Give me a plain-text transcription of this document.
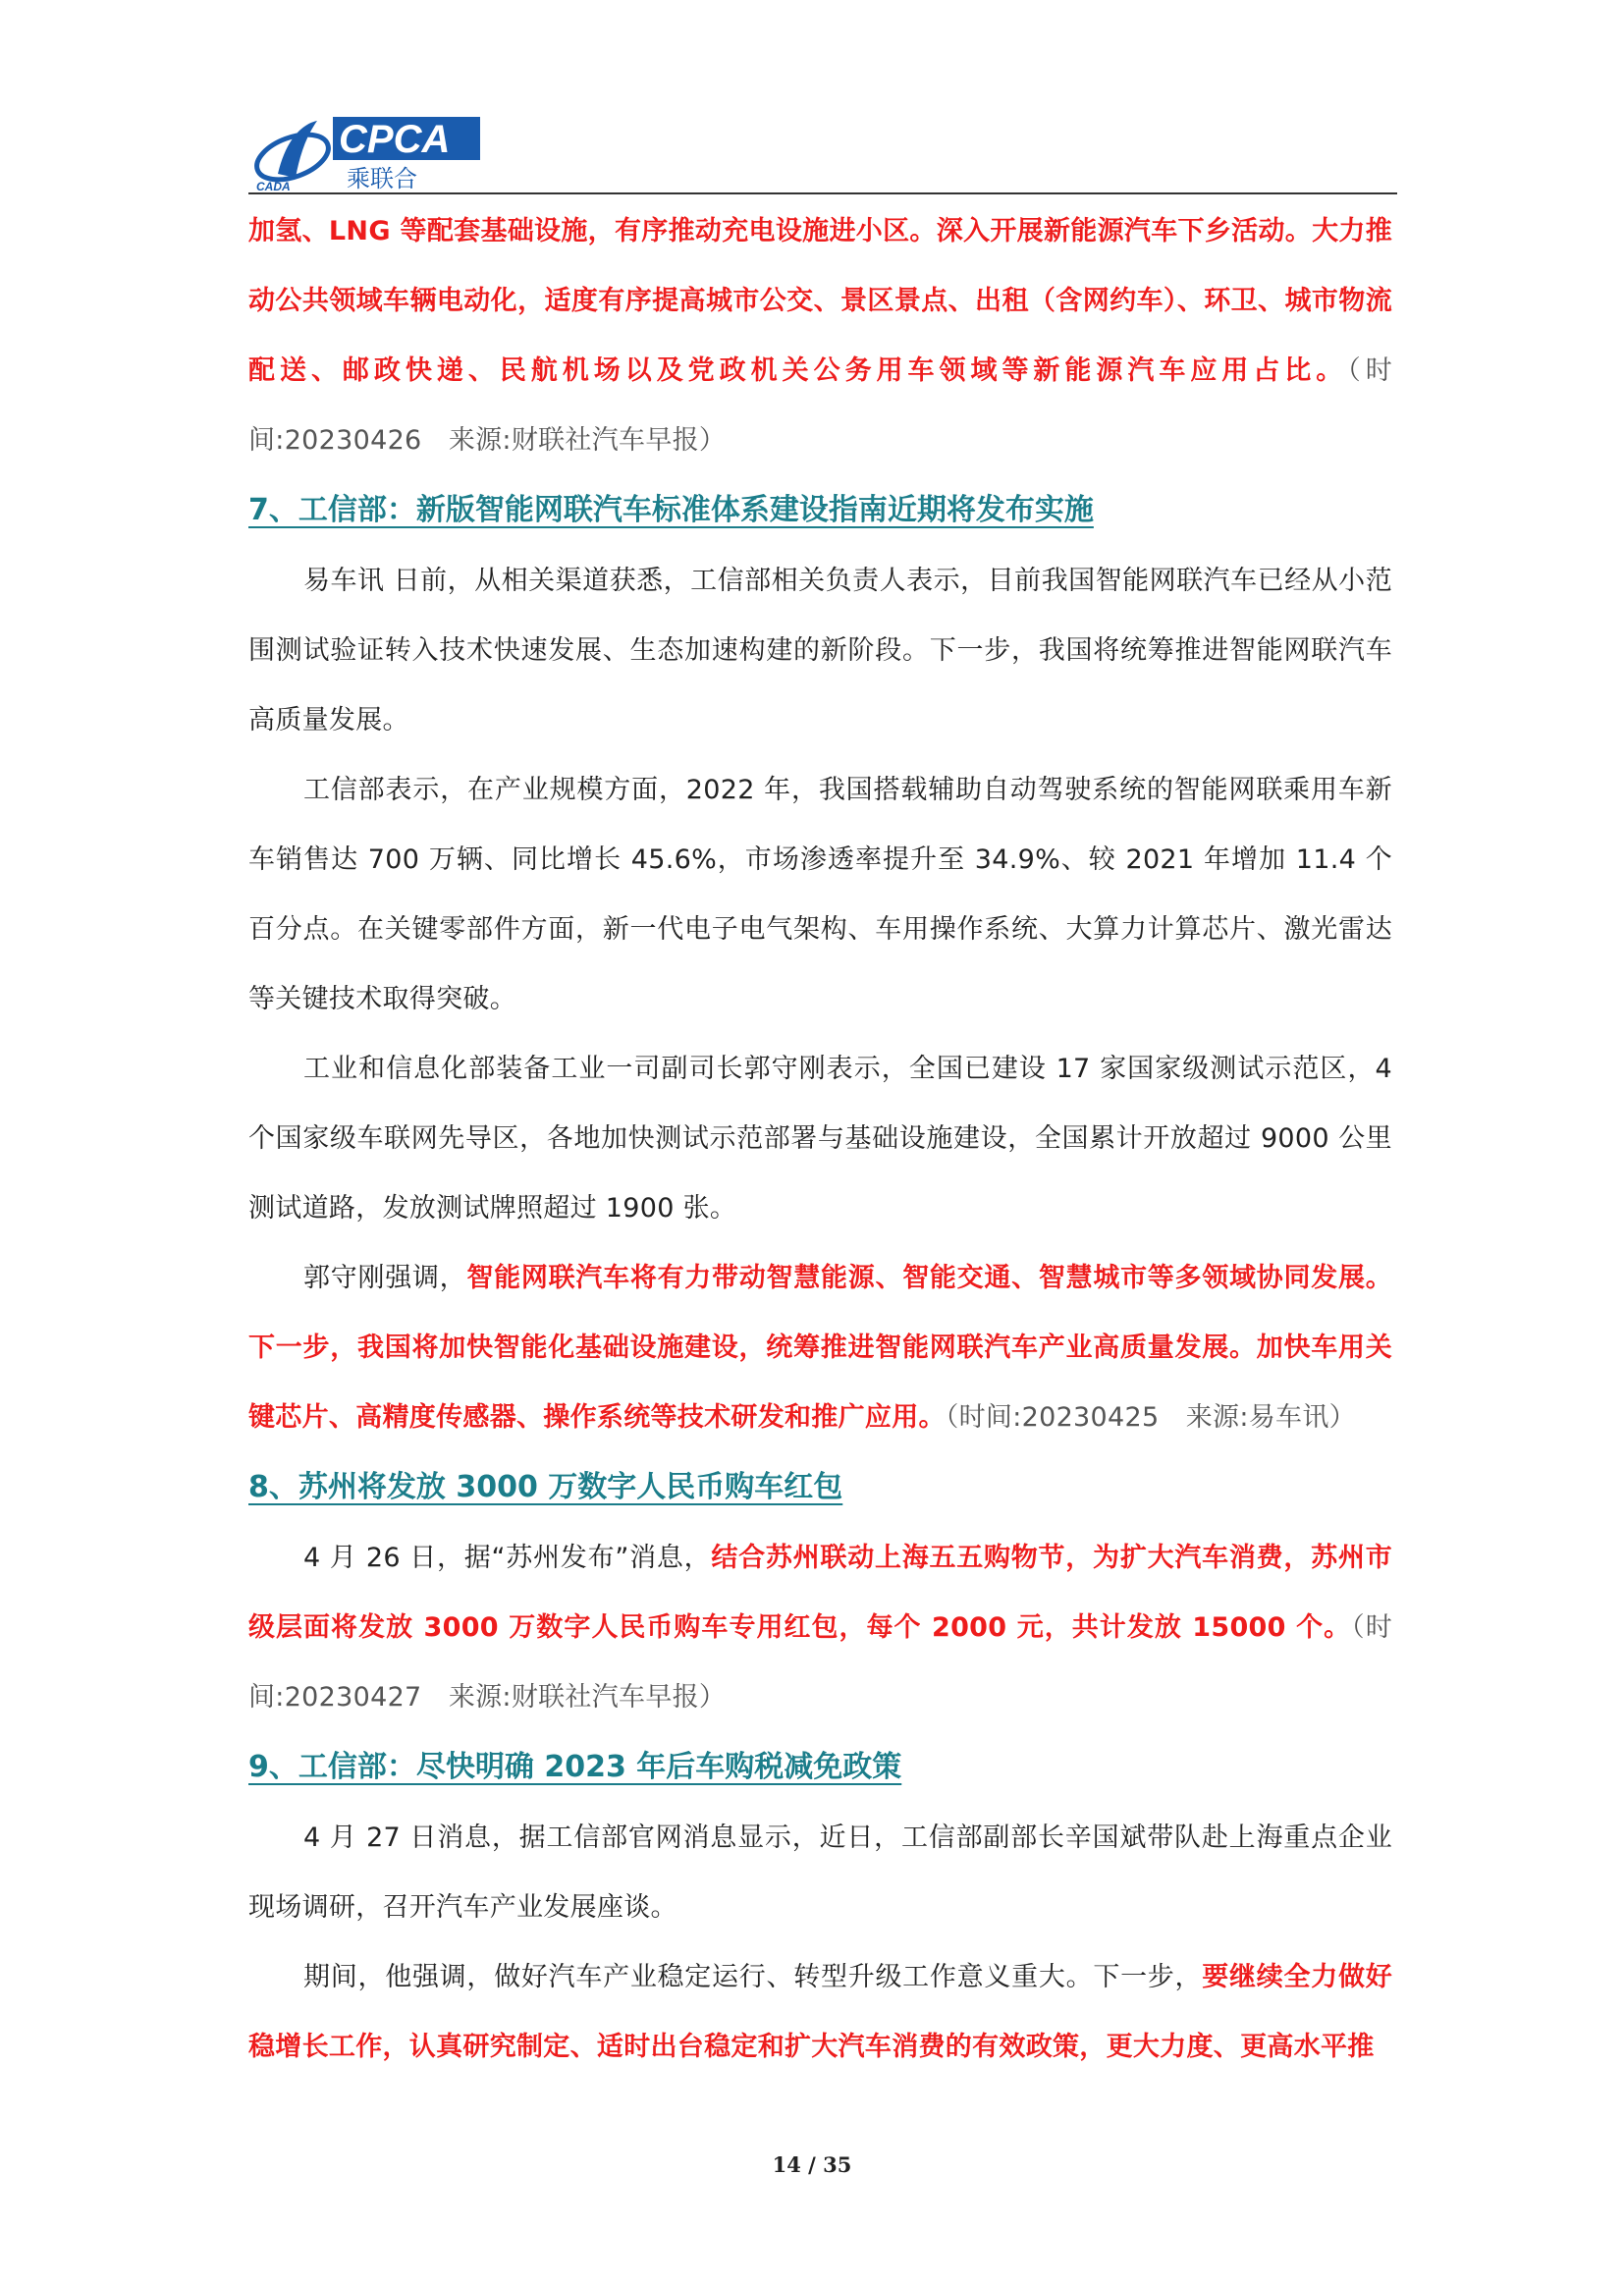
CADA
CPCA
乘联合

加氢、LNG 等配套基础设施，有序推动充电设施进小区。深入开展新能源汽车下乡活动。大力推动公共领域车辆电动化，适度有序提高城市公交、景区景点、出租（含网约车）、环卫、城市物流配送、邮政快递、民航机场以及党政机关公务用车领域等新能源汽车应用占比。（时间:20230426　来源:财联社汽车早报）

7、工信部：新版智能网联汽车标准体系建设指南近期将发布实施

易车讯 日前，从相关渠道获悉，工信部相关负责人表示，目前我国智能网联汽车已经从小范围测试验证转入技术快速发展、生态加速构建的新阶段。下一步，我国将统筹推进智能网联汽车高质量发展。

工信部表示，在产业规模方面，2022 年，我国搭载辅助自动驾驶系统的智能网联乘用车新车销售达 700 万辆、同比增长 45.6%，市场渗透率提升至 34.9%、较 2021 年增加 11.4 个百分点。在关键零部件方面，新一代电子电气架构、车用操作系统、大算力计算芯片、激光雷达等关键技术取得突破。

工业和信息化部装备工业一司副司长郭守刚表示，全国已建设 17 家国家级测试示范区，4 个国家级车联网先导区，各地加快测试示范部署与基础设施建设，全国累计开放超过 9000 公里测试道路，发放测试牌照超过 1900 张。

郭守刚强调，智能网联汽车将有力带动智慧能源、智能交通、智慧城市等多领域协同发展。下一步，我国将加快智能化基础设施建设，统筹推进智能网联汽车产业高质量发展。加快车用关键芯片、高精度传感器、操作系统等技术研发和推广应用。（时间:20230425　来源:易车讯）

8、苏州将发放 3000 万数字人民币购车红包

4 月 26 日，据“苏州发布”消息，结合苏州联动上海五五购物节，为扩大汽车消费，苏州市级层面将发放 3000 万数字人民币购车专用红包，每个 2000 元，共计发放 15000 个。（时间:20230427　来源:财联社汽车早报）

9、工信部：尽快明确 2023 年后车购税减免政策

4 月 27 日消息，据工信部官网消息显示，近日，工信部副部长辛国斌带队赴上海重点企业现场调研，召开汽车产业发展座谈。

期间，他强调，做好汽车产业稳定运行、转型升级工作意义重大。下一步，要继续全力做好稳增长工作，认真研究制定、适时出台稳定和扩大汽车消费的有效政策，更大力度、更高水平推

14 / 35
